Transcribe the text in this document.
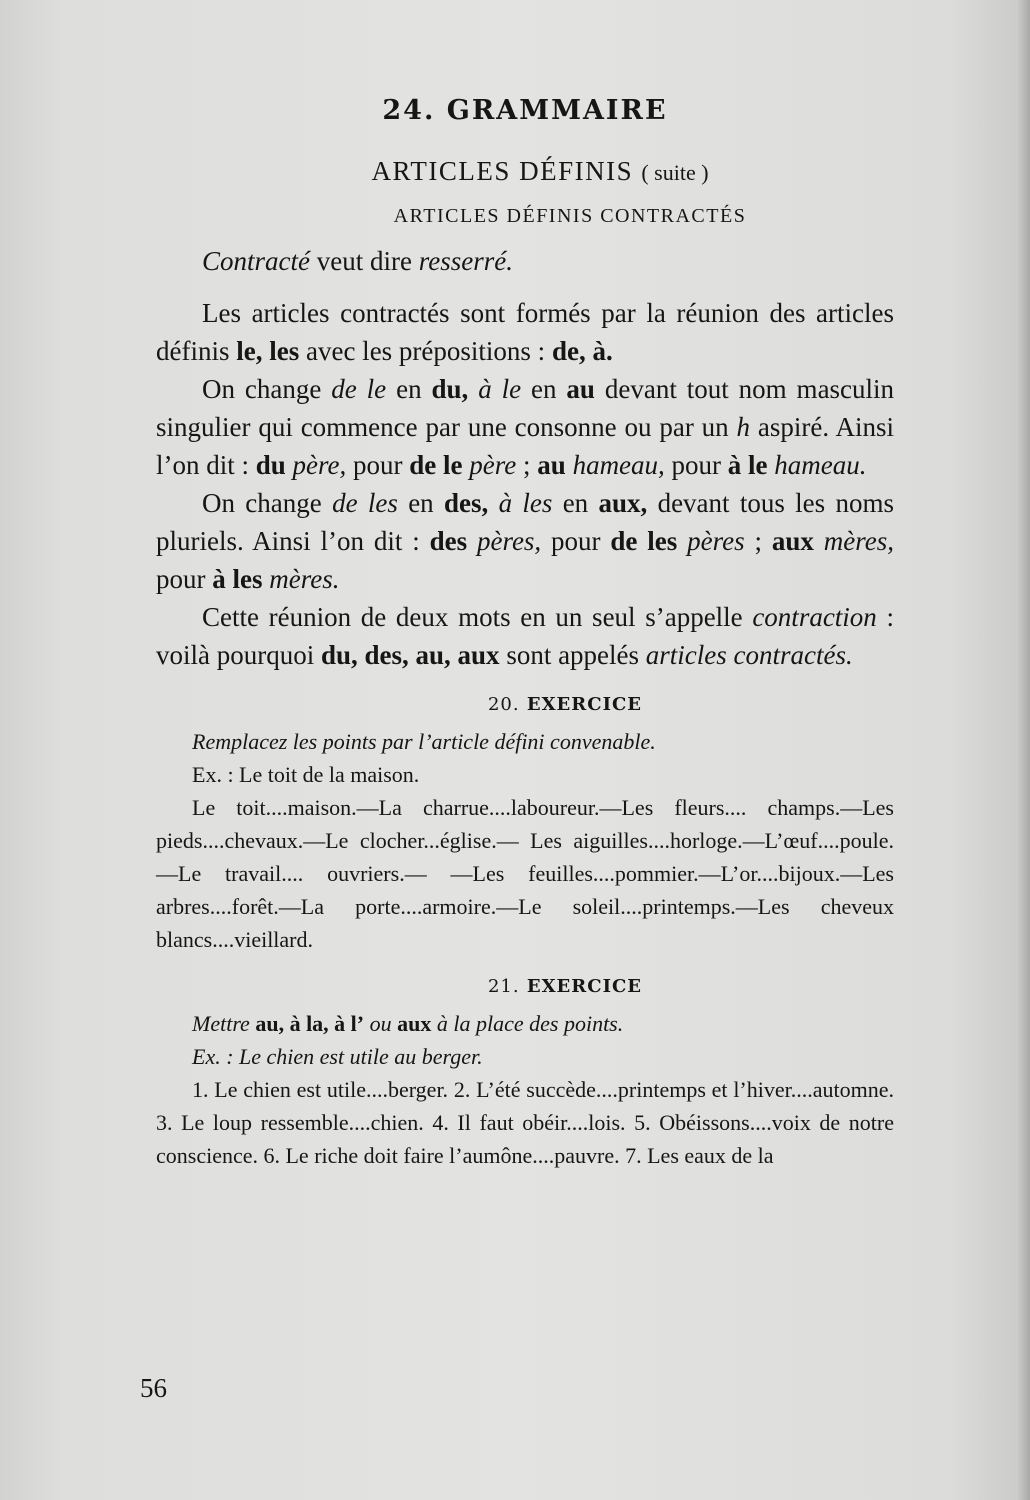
24. GRAMMAIRE
ARTICLES DÉFINIS ( suite )
ARTICLES DÉFINIS CONTRACTÉS

Contracté veut dire resserré.

Les articles contractés sont formés par la réunion des articles définis le, les avec les prépositions : de, à.

On change de le en du, à le en au devant tout nom masculin singulier qui commence par une consonne ou par un h aspiré. Ainsi l’on dit : du père, pour de le père ; au hameau, pour à le hameau.

On change de les en des, à les en aux, devant tous les noms pluriels. Ainsi l’on dit : des pères, pour de les pères ; aux mères, pour à les mères.

Cette réunion de deux mots en un seul s’appelle contraction : voilà pourquoi du, des, au, aux sont appelés articles contractés.

20. EXERCICE

Remplacez les points par l’article défini convenable.

Ex. : Le toit de la maison.

Le toit....maison.—La charrue....laboureur.—Les fleurs.... champs.—Les pieds....chevaux.—Le clocher...église.— Les aiguilles....horloge.—L’œuf....poule.—Le travail.... ouvriers.— —Les feuilles....pommier.—L’or....bijoux.—Les arbres....forêt.—La porte....armoire.—Le soleil....printemps.—Les cheveux blancs....vieillard.

21. EXERCICE

Mettre au, à la, à l’ ou aux à la place des points.

Ex. : Le chien est utile au berger.

1. Le chien est utile....berger. 2. L’été succède....printemps et l’hiver....automne. 3. Le loup ressemble....chien. 4. Il faut obéir....lois. 5. Obéissons....voix de notre conscience. 6. Le riche doit faire l’aumône....pauvre. 7. Les eaux de la

56
